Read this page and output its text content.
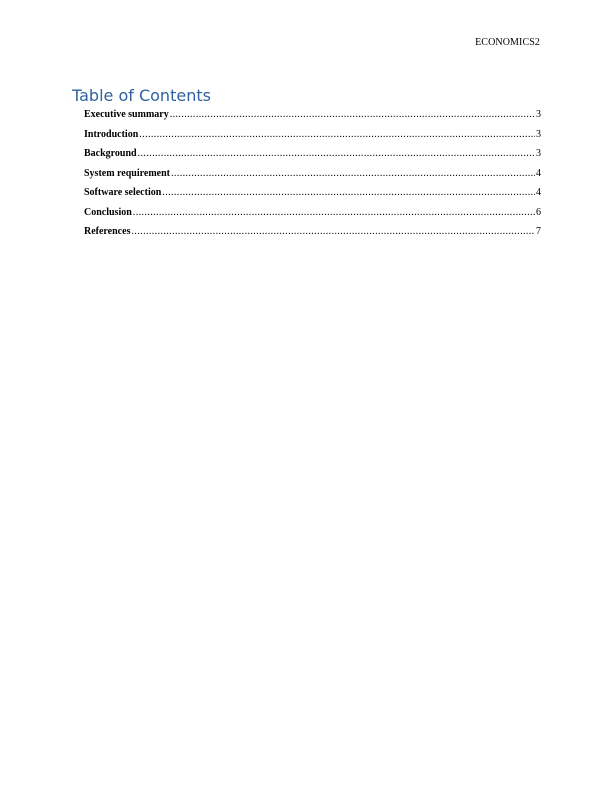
ECONOMICS2
Table of Contents
Executive summary .....	3
Introduction .....	3
Background .....	3
System requirement .....	4
Software selection .....	4
Conclusion .....	6
References .....	7
